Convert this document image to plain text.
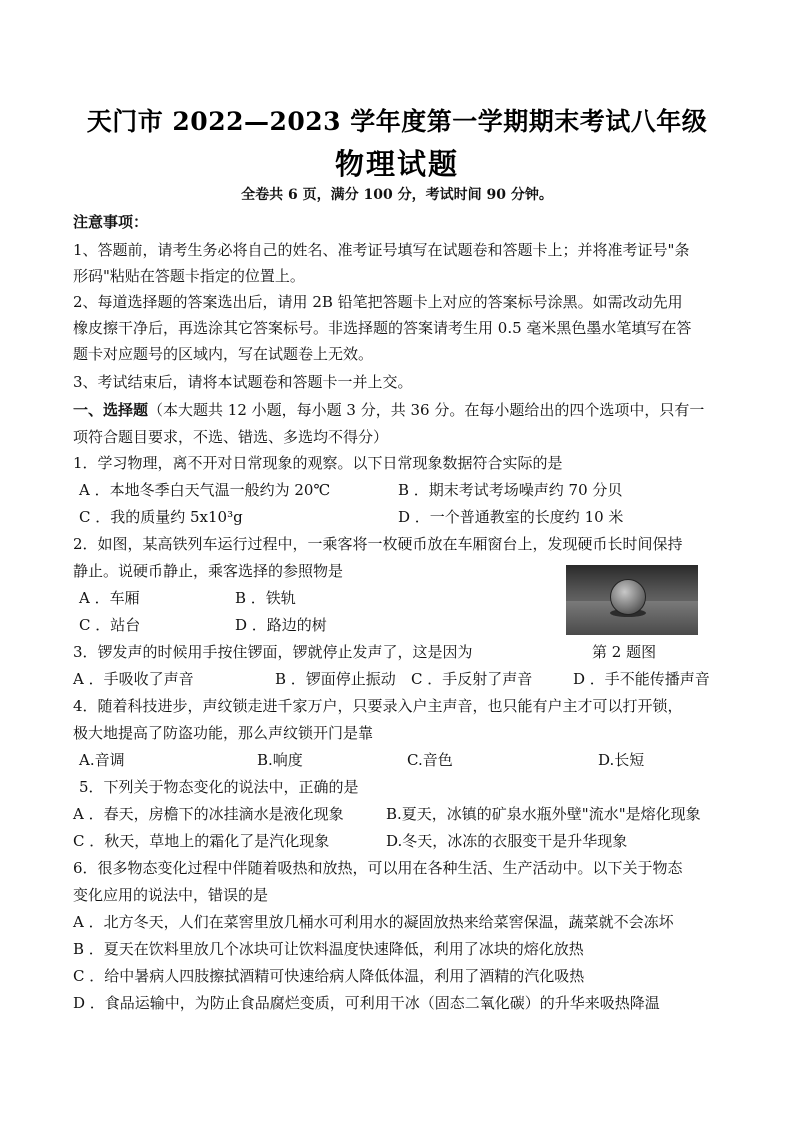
天门市 2022—2023 学年度第一学期期末考试八年级
物理试题
全卷共 6 页，满分 100 分，考试时间 90 分钟。
注意事项：
1、答题前，请考生务必将自己的姓名、准考证号填写在试题卷和答题卡上；并将准考证号"条
形码"粘贴在答题卡指定的位置上。
2、每道选择题的答案选出后，请用 2B 铅笔把答题卡上对应的答案标号涂黑。如需改动先用
橡皮擦干净后，再选涂其它答案标号。非选择题的答案请考生用 0.5 毫米黑色墨水笔填写在答
题卡对应题号的区域内，写在试题卷上无效。
3、考试结束后，请将本试题卷和答题卡一并上交。
一、选择题（本大题共 12 小题，每小题 3 分，共 36 分。在每小题给出的四个选项中，只有一
项符合题目要求，不选、错选、多选均不得分）
1．学习物理，离不开对日常现象的观察。以下日常现象数据符合实际的是
A ．本地冬季白天气温一般约为 20℃	B ．期末考试考场噪声约 70 分贝
C ．我的质量约 5x10³g	D ．一个普通教室的长度约 10 米
2．如图，某高铁列车运行过程中，一乘客将一枚硬币放在车厢窗台上，发现硬币长时间保持
静止。说硬币静止，乘客选择的参照物是
A ．车厢	B ．铁轨
C ．站台	D ．路边的树
第 2 题图
3．锣发声的时候用手按住锣面，锣就停止发声了，这是因为
A ．手吸收了声音	B ．锣面停止振动 C ．手反射了声音	D ．手不能传播声音
4．随着科技进步，声纹锁走进千家万户，只要录入户主声音，也只能有户主才可以打开锁，
极大地提高了防盗功能，那么声纹锁开门是靠
A.音调	B.响度	C.音色	D.长短
5．下列关于物态变化的说法中，正确的是
A ．春天，房檐下的冰挂滴水是液化现象	B.夏天，冰镇的矿泉水瓶外壁"流水"是熔化现象
C ．秋天，草地上的霜化了是汽化现象	D.冬天，冰冻的衣服变干是升华现象
6．很多物态变化过程中伴随着吸热和放热，可以用在各种生活、生产活动中。以下关于物态
变化应用的说法中，错误的是
A ．北方冬天，人们在菜窖里放几桶水可利用水的凝固放热来给菜窖保温，蔬菜就不会冻坏
B ．夏天在饮料里放几个冰块可让饮料温度快速降低，利用了冰块的熔化放热
C ．给中暑病人四肢擦拭酒精可快速给病人降低体温，利用了酒精的汽化吸热
D ．食品运输中，为防止食品腐烂变质，可利用干冰（固态二氧化碳）的升华来吸热降温
